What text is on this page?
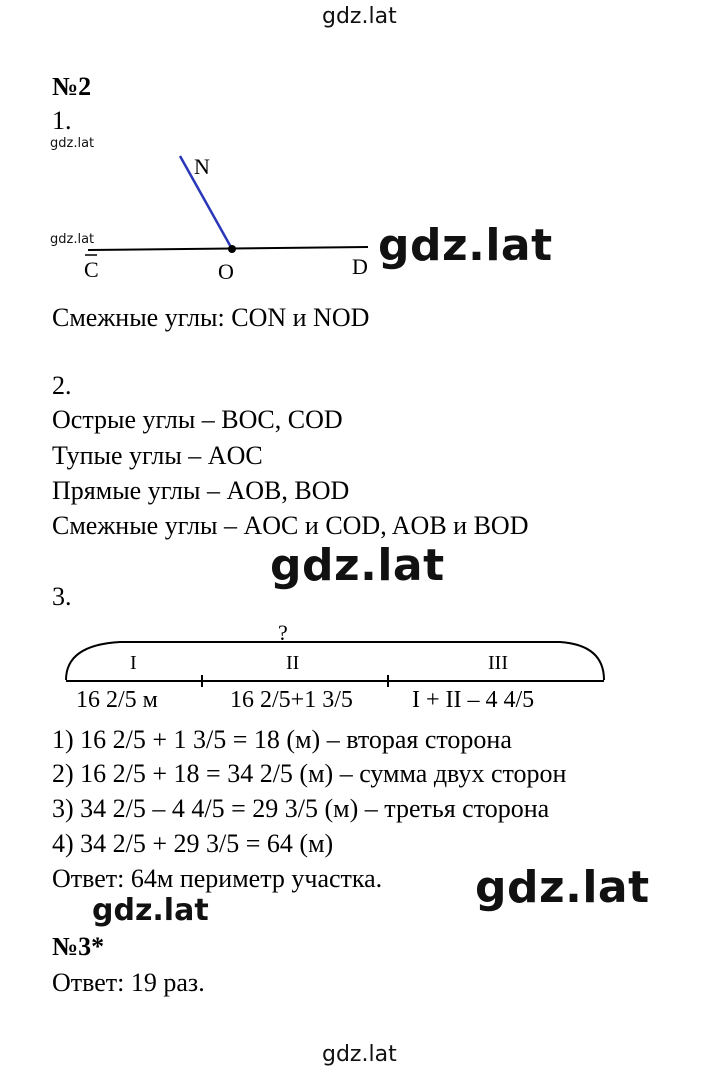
gdz.lat
gdz.lat
gdz.lat	gdz.lat
gdz.lat
gdz.lat
gdz.lat
gdz.lat
№2
1.
N
C	O	D
Смежные углы: CON и NOD
2.
Острые углы – BOC, COD
Тупые углы – AOC
Прямые углы – AOB, BOD
Смежные углы – AOC и COD, AOB и BOD
3.
?
I	II	III
16 2/5 м	16 2/5+1 3/5 I + II – 4 4/5
1) 16 2/5 + 1 3/5 = 18 (м) – вторая сторона
2) 16 2/5 + 18 = 34 2/5 (м) – сумма двух сторон
3) 34 2/5 – 4 4/5 = 29 3/5 (м) – третья сторона
4) 34 2/5 + 29 3/5 = 64 (м)
Ответ: 64м периметр участка.
№3*
Ответ: 19 раз.
